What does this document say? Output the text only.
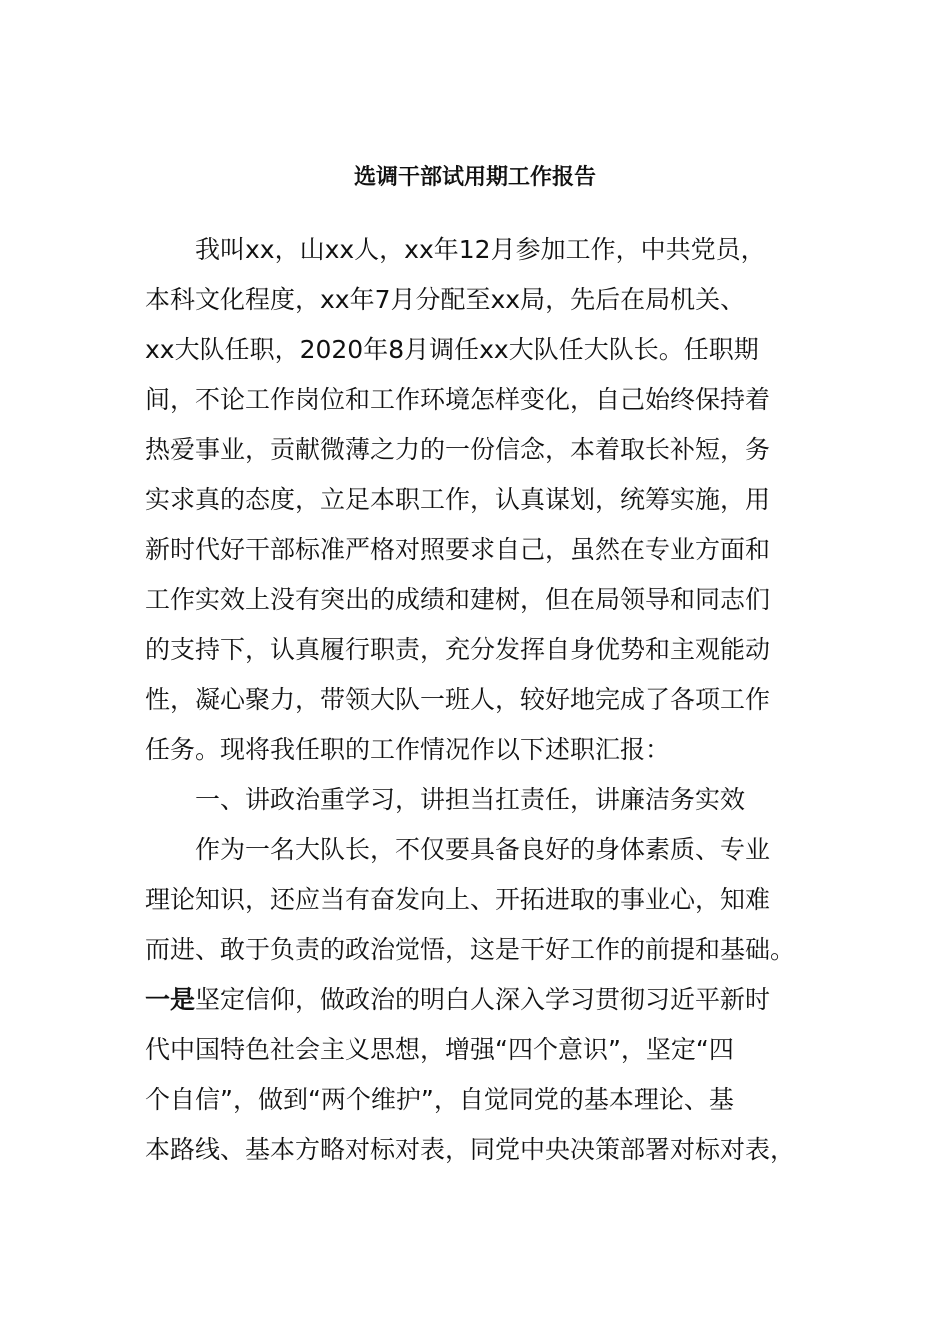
选调干部试用期工作报告
我叫xx，山xx人，xx年12月参加工作，中共党员，
本科文化程度，xx年7月分配至xx局，先后在局机关、
xx大队任职，2020年8月调任xx大队任大队长。任职期
间，不论工作岗位和工作环境怎样变化，自己始终保持着
热爱事业，贡献微薄之力的一份信念，本着取长补短，务
实求真的态度，立足本职工作，认真谋划，统筹实施，用
新时代好干部标准严格对照要求自己，虽然在专业方面和
工作实效上没有突出的成绩和建树，但在局领导和同志们
的支持下，认真履行职责，充分发挥自身优势和主观能动
性，凝心聚力，带领大队一班人，较好地完成了各项工作
任务。现将我任职的工作情况作以下述职汇报：
一、讲政治重学习，讲担当扛责任，讲廉洁务实效
作为一名大队长，不仅要具备良好的身体素质、专业
理论知识，还应当有奋发向上、开拓进取的事业心，知难
而进、敢于负责的政治觉悟，这是干好工作的前提和基础。
一是坚定信仰，做政治的明白人深入学习贯彻习近平新时
代中国特色社会主义思想，增强“四个意识”，坚定“四
个自信”，做到“两个维护”，自觉同党的基本理论、基
本路线、基本方略对标对表，同党中央决策部署对标对表，
